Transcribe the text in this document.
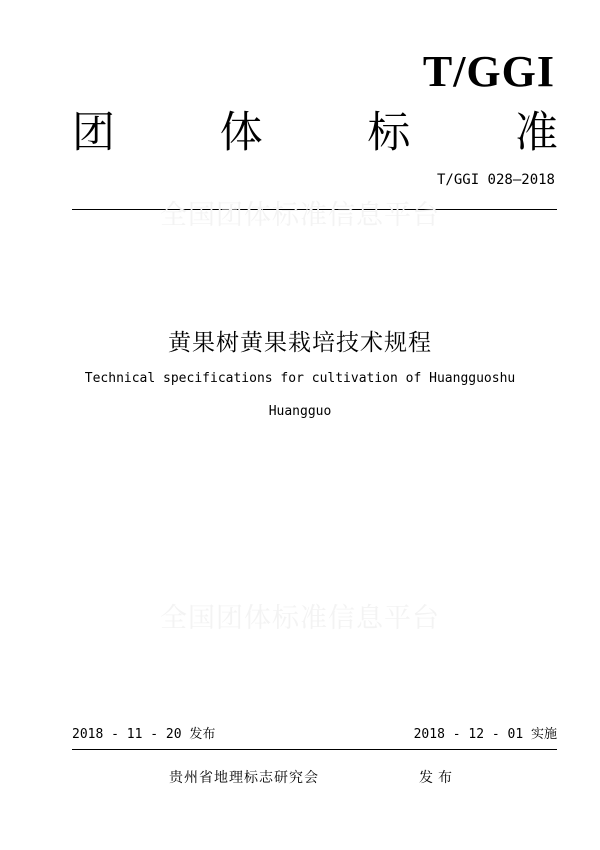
T/GGI
团 体 标 准
T/GGI 028—2018
全国团体标准信息平台
黄果树黄果栽培技术规程
Technical specifications for cultivation of Huangguoshu
Huangguo
全国团体标准信息平台
2018 - 11 - 20 发布	2018 - 12 - 01 实施
贵州省地理标志研究会	发布
